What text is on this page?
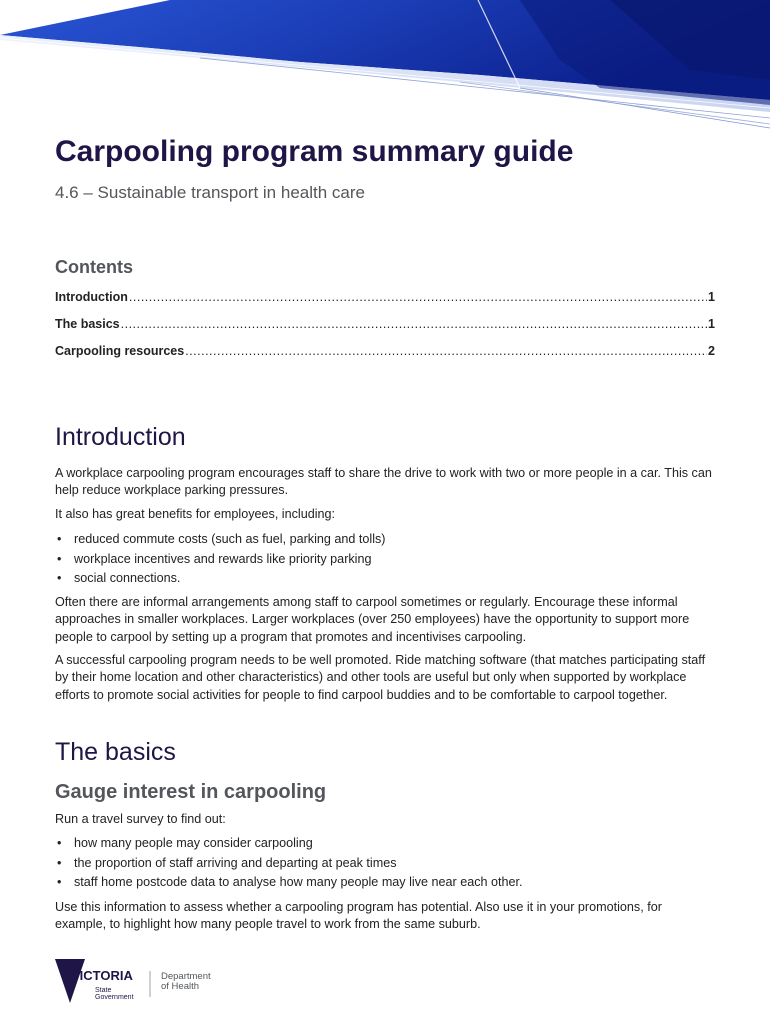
Carpooling program summary guide
4.6 – Sustainable transport in health care
Contents
Introduction .....	1
The basics .....	1
Carpooling resources .....	2
Introduction

A workplace carpooling program encourages staff to share the drive to work with two or more people in a car. This can help reduce workplace parking pressures.

It also has great benefits for employees, including:

• reduced commute costs (such as fuel, parking and tolls)
• workplace incentives and rewards like priority parking
• social connections.

Often there are informal arrangements among staff to carpool sometimes or regularly. Encourage these informal approaches in smaller workplaces. Larger workplaces (over 250 employees) have the opportunity to support more people to carpool by setting up a program that promotes and incentivises carpooling.

A successful carpooling program needs to be well promoted. Ride matching software (that matches participating staff by their home location and other characteristics) and other tools are useful but only when supported by workplace efforts to promote social activities for people to find carpool buddies and to be comfortable to carpool together.

The basics
Gauge interest in carpooling

Run a travel survey to find out:

• how many people may consider carpooling
• the proportion of staff arriving and departing at peak times
• staff home postcode data to analyse how many people may live near each other.

Use this information to assess whether a carpooling program has potential. Also use it in your promotions, for example, to highlight how many people travel to work from the same suburb.

VICTORIA
State
Government
Department
of Health
